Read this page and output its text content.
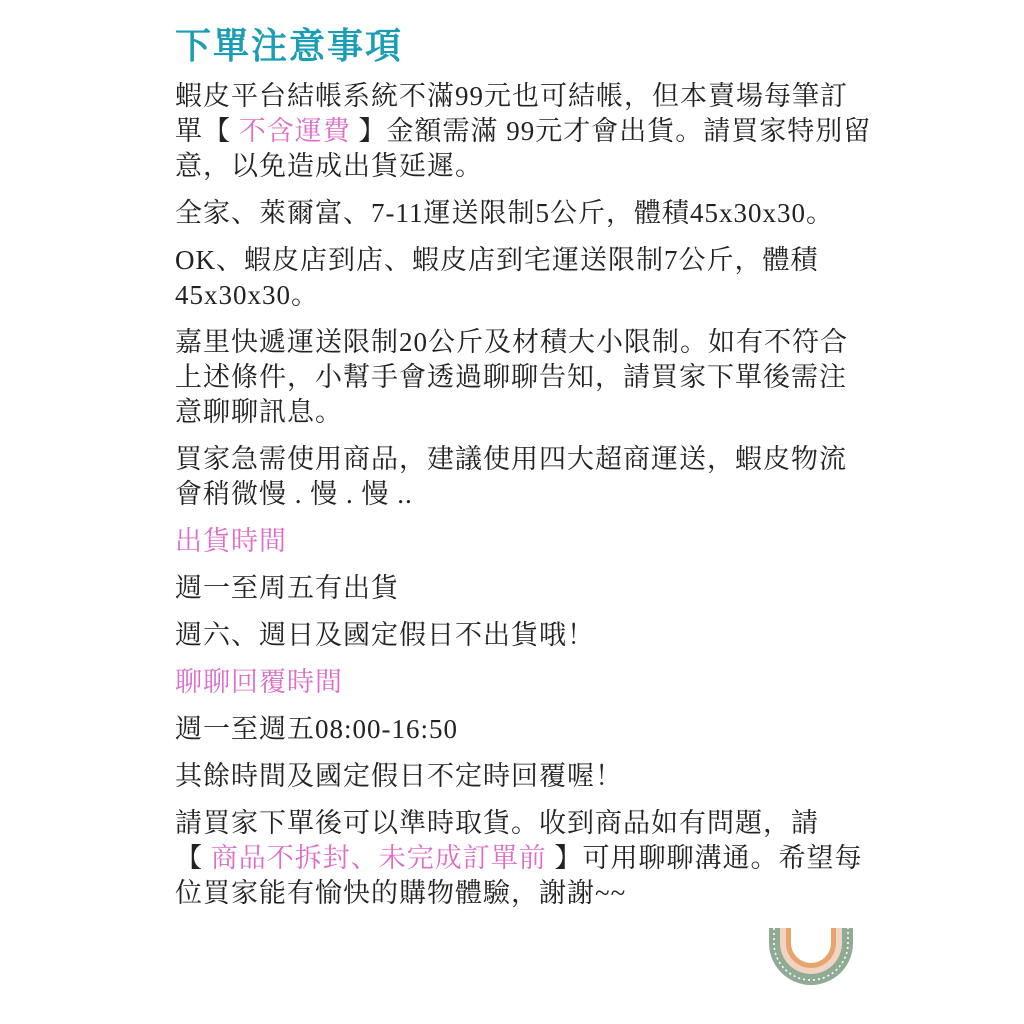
下單注意事項
蝦皮平台結帳系統不滿99元也可結帳，但本賣場每筆訂
單【 不含運費 】金額需滿 99元才會出貨。請買家特別留
意，以免造成出貨延遲。
全家、萊爾富、7-11運送限制5公斤，體積45x30x30。
OK、蝦皮店到店、蝦皮店到宅運送限制7公斤，體積
45x30x30。
嘉里快遞運送限制20公斤及材積大小限制。如有不符合
上述條件，小幫手會透過聊聊告知，請買家下單後需注
意聊聊訊息。
買家急需使用商品，建議使用四大超商運送，蝦皮物流
會稍微慢 . 慢 . 慢 ..
出貨時間
週一至周五有出貨
週六、週日及國定假日不出貨哦！
聊聊回覆時間
週一至週五08:00-16:50
其餘時間及國定假日不定時回覆喔！
請買家下單後可以準時取貨。收到商品如有問題，請
【 商品不拆封、未完成訂單前 】可用聊聊溝通。希望每
位買家能有愉快的購物體驗，謝謝~~
